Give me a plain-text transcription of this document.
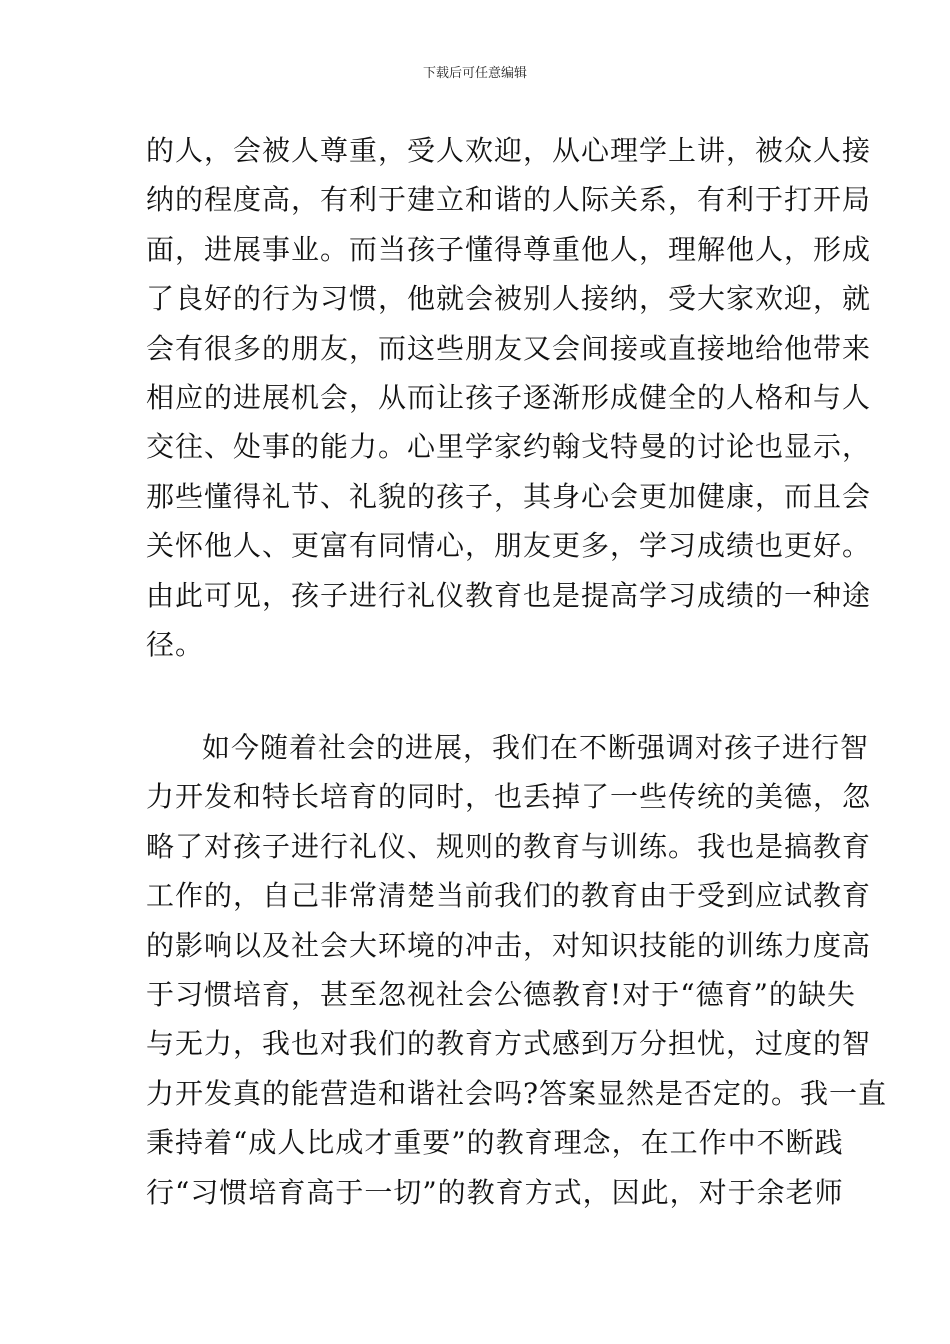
下载后可任意编辑
的人，会被人尊重，受人欢迎，从心理学上讲，被众人接
纳的程度高，有利于建立和谐的人际关系，有利于打开局
面，进展事业。而当孩子懂得尊重他人，理解他人，形成
了良好的行为习惯，他就会被别人接纳，受大家欢迎，就
会有很多的朋友，而这些朋友又会间接或直接地给他带来
相应的进展机会，从而让孩子逐渐形成健全的人格和与人
交往、处事的能力。心里学家约翰戈特曼的讨论也显示，
那些懂得礼节、礼貌的孩子，其身心会更加健康，而且会
关怀他人、更富有同情心，朋友更多，学习成绩也更好。
由此可见，孩子进行礼仪教育也是提高学习成绩的一种途
径。
如今随着社会的进展，我们在不断强调对孩子进行智
力开发和特长培育的同时，也丢掉了一些传统的美德，忽
略了对孩子进行礼仪、规则的教育与训练。我也是搞教育
工作的，自己非常清楚当前我们的教育由于受到应试教育
的影响以及社会大环境的冲击，对知识技能的训练力度高
于习惯培育，甚至忽视社会公德教育!对于“德育”的缺失
与无力，我也对我们的教育方式感到万分担忧，过度的智
力开发真的能营造和谐社会吗?答案显然是否定的。我一直
秉持着“成人比成才重要”的教育理念，在工作中不断践
行“习惯培育高于一切”的教育方式，因此，对于余老师
